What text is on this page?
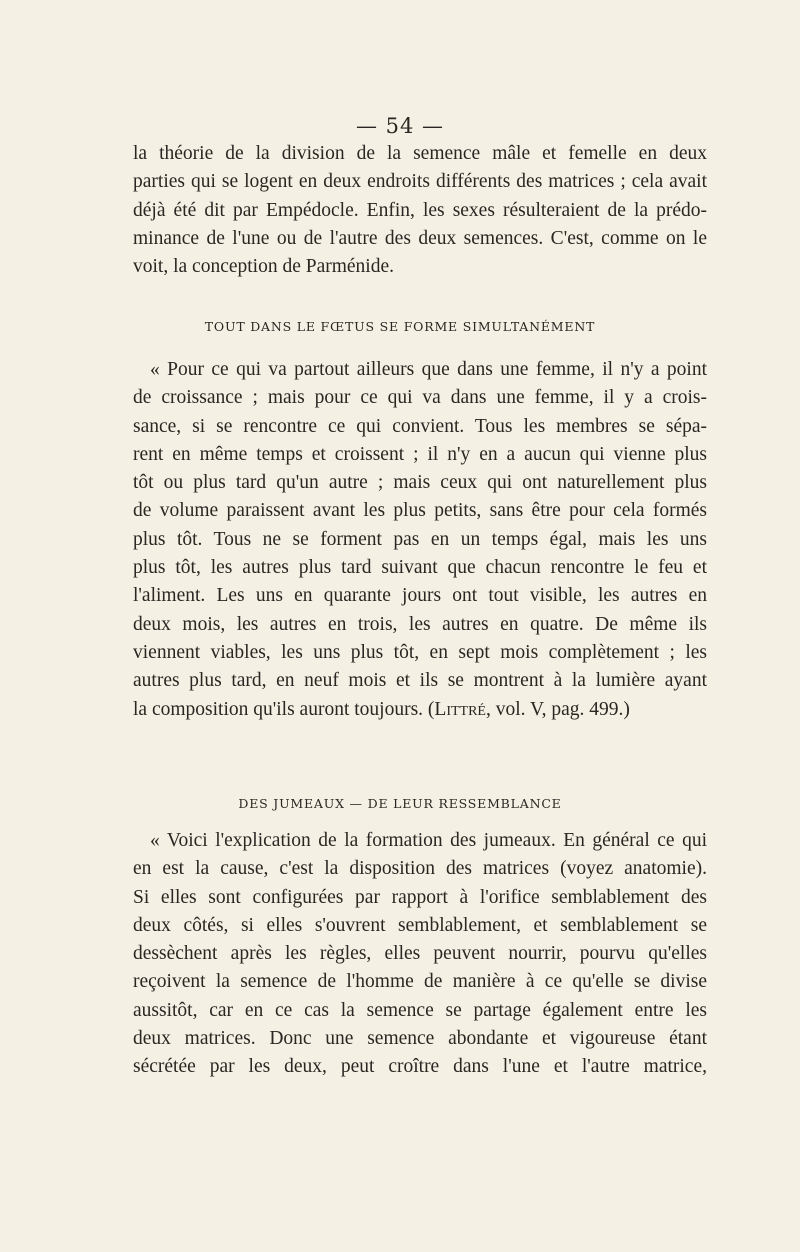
— 54 —

la théorie de la division de la semence mâle et femelle en deux
parties qui se logent en deux endroits différents des matrices ; cela avait
déjà été dit par Empédocle. Enfin, les sexes résulteraient de la prédo-
minance de l'une ou de l'autre des deux semences. C'est, comme on le
voit, la conception de Parménide.

TOUT DANS LE FŒTUS SE FORME SIMULTANÉMENT

« Pour ce qui va partout ailleurs que dans une femme, il n'y a point
de croissance ; mais pour ce qui va dans une femme, il y a crois-
sance, si se rencontre ce qui convient. Tous les membres se sépa-
rent en même temps et croissent ; il n'y en a aucun qui vienne plus
tôt ou plus tard qu'un autre ; mais ceux qui ont naturellement plus
de volume paraissent avant les plus petits, sans être pour cela formés
plus tôt. Tous ne se forment pas en un temps égal, mais les uns
plus tôt, les autres plus tard suivant que chacun rencontre le feu et
l'aliment. Les uns en quarante jours ont tout visible, les autres en
deux mois, les autres en trois, les autres en quatre. De même ils
viennent viables, les uns plus tôt, en sept mois complètement ; les
autres plus tard, en neuf mois et ils se montrent à la lumière ayant
la composition qu'ils auront toujours. (Littré, vol. V, pag. 499.)

DES JUMEAUX — DE LEUR RESSEMBLANCE

« Voici l'explication de la formation des jumeaux. En général ce qui
en est la cause, c'est la disposition des matrices (voyez anatomie).
Si elles sont configurées par rapport à l'orifice semblablement des
deux côtés, si elles s'ouvrent semblablement, et semblablement se
dessèchent après les règles, elles peuvent nourrir, pourvu qu'elles
reçoivent la semence de l'homme de manière à ce qu'elle se divise
aussitôt, car en ce cas la semence se partage également entre les
deux matrices. Donc une semence abondante et vigoureuse étant
sécrétée par les deux, peut croître dans l'une et l'autre matrice,
